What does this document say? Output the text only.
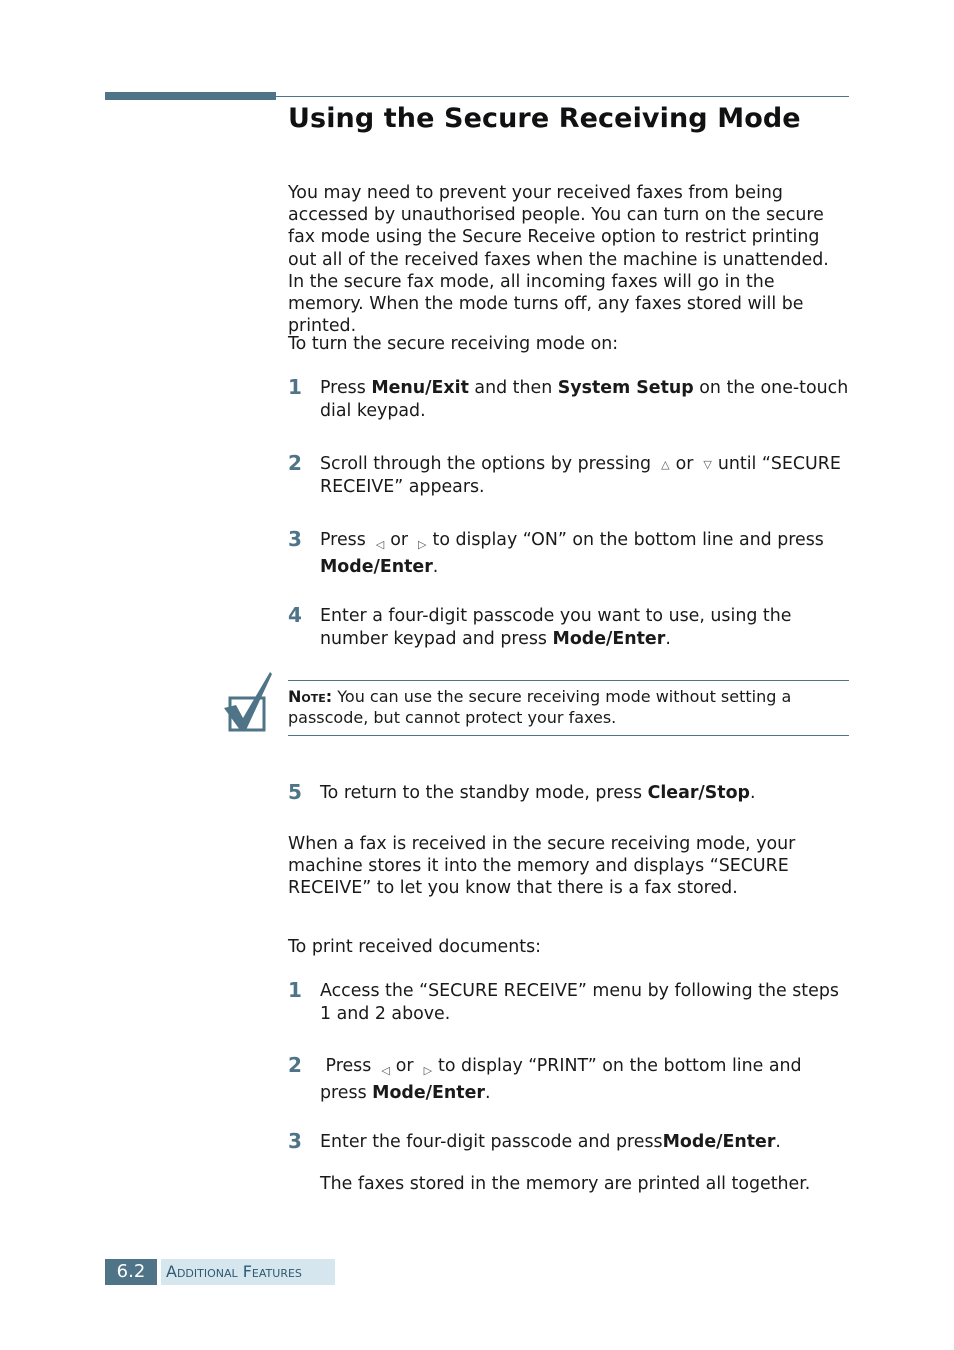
Using the Secure Receiving Mode

You may need to prevent your received faxes from being accessed by unauthorised people. You can turn on the secure fax mode using the Secure Receive option to restrict printing out all of the received faxes when the machine is unattended. In the secure fax mode, all incoming faxes will go in the memory. When the mode turns off, any faxes stored will be printed.

To turn the secure receiving mode on:

1 Press Menu/Exit and then System Setup on the one-touch dial keypad.

2 Scroll through the options by pressing △ or ▽ until “SECURE RECEIVE” appears.

3 Press ◁ or ▷ to display “ON” on the bottom line and press Mode/Enter.

4 Enter a four-digit passcode you want to use, using the number keypad and press Mode/Enter.

Note: You can use the secure receiving mode without setting a passcode, but cannot protect your faxes.

5 To return to the standby mode, press Clear/Stop.

When a fax is received in the secure receiving mode, your machine stores it into the memory and displays “SECURE RECEIVE” to let you know that there is a fax stored.

To print received documents:

1 Access the “SECURE RECEIVE” menu by following the steps 1 and 2 above.

2	Press ◁ or ▷ to display “PRINT” on the bottom line and press Mode/Enter.

3 Enter the four-digit passcode and pressMode/Enter.

The faxes stored in the memory are printed all together.

6.2	Additional Features
